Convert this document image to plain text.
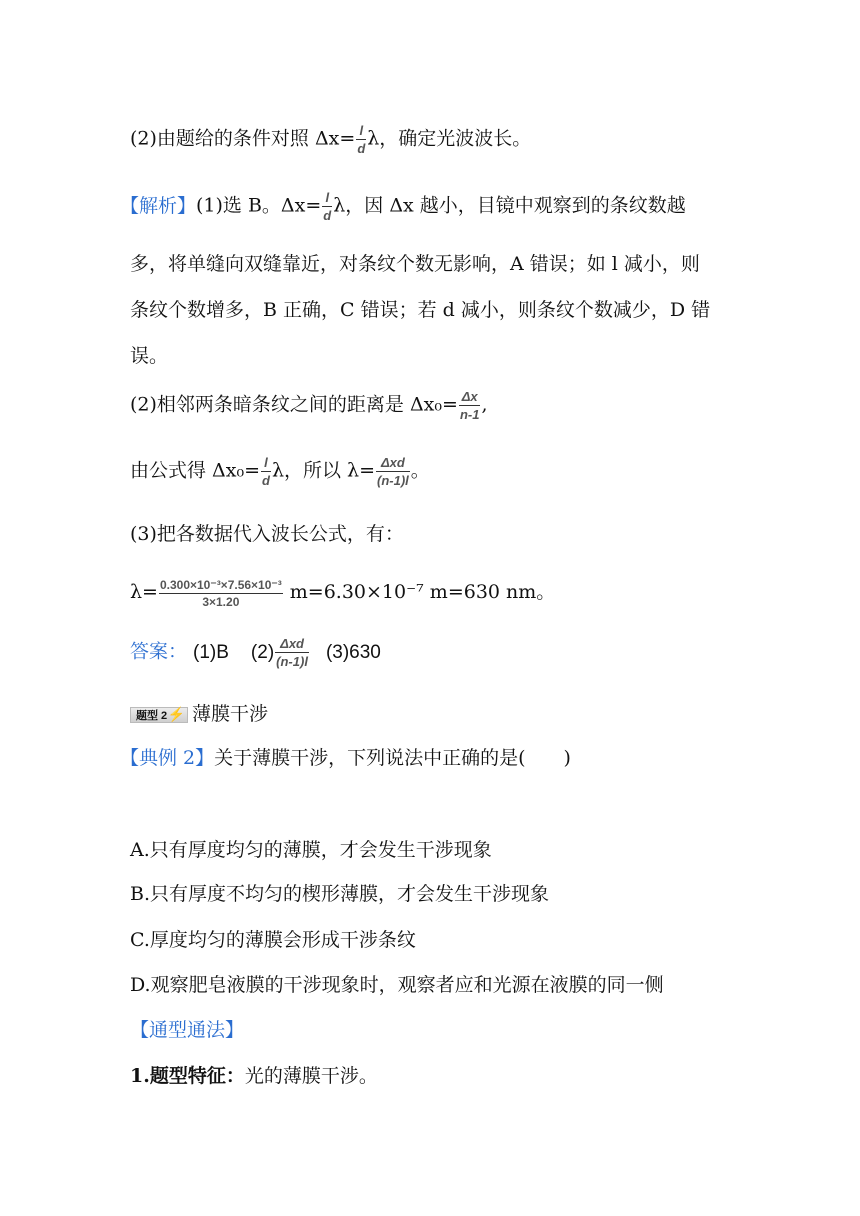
(2)由题给的条件对照 $\Delta x= \frac{l}{d}$ λ，确定光波波长。
【解析】(1)选 B。$\Delta x= \frac{l}{d}$ λ，因 Δx 越小，目镜中观察到的条纹数越
多，将单缝向双缝靠近，对条纹个数无影响，A 错误；如 l 减小，则
条纹个数增多，B 正确，C 错误；若 d 减小，则条纹个数减少，D 错
误。
(2)相邻两条暗条纹之间的距离是 $\Delta x_0= \frac{\Delta x}{n-1}$ ,
由公式得 $\Delta x_0= \frac{l}{d}$ λ，所以 $\lambda= \frac{\text{Δxd}}{(n-1)l}$ 。
(3)把各数据代入波长公式，有：
$\lambda= \frac{\text{0.300×10⁻³×7.56×10⁻³}}{3\times 1.20} m=6.30\times 10^{-7}$ m=630 nm。
答案： (1)B $(2) \frac{\text{Δxd}}{(n-1)l} (3)630$
题型 2 ⚡ 薄膜干涉
【典例 2】关于薄膜干涉，下列说法中正确的是(　　)
A.只有厚度均匀的薄膜，才会发生干涉现象
B.只有厚度不均匀的楔形薄膜，才会发生干涉现象
C.厚度均匀的薄膜会形成干涉条纹
D.观察肥皂液膜的干涉现象时，观察者应和光源在液膜的同一侧
【通型通法】
1.题型特征：光的薄膜干涉。
